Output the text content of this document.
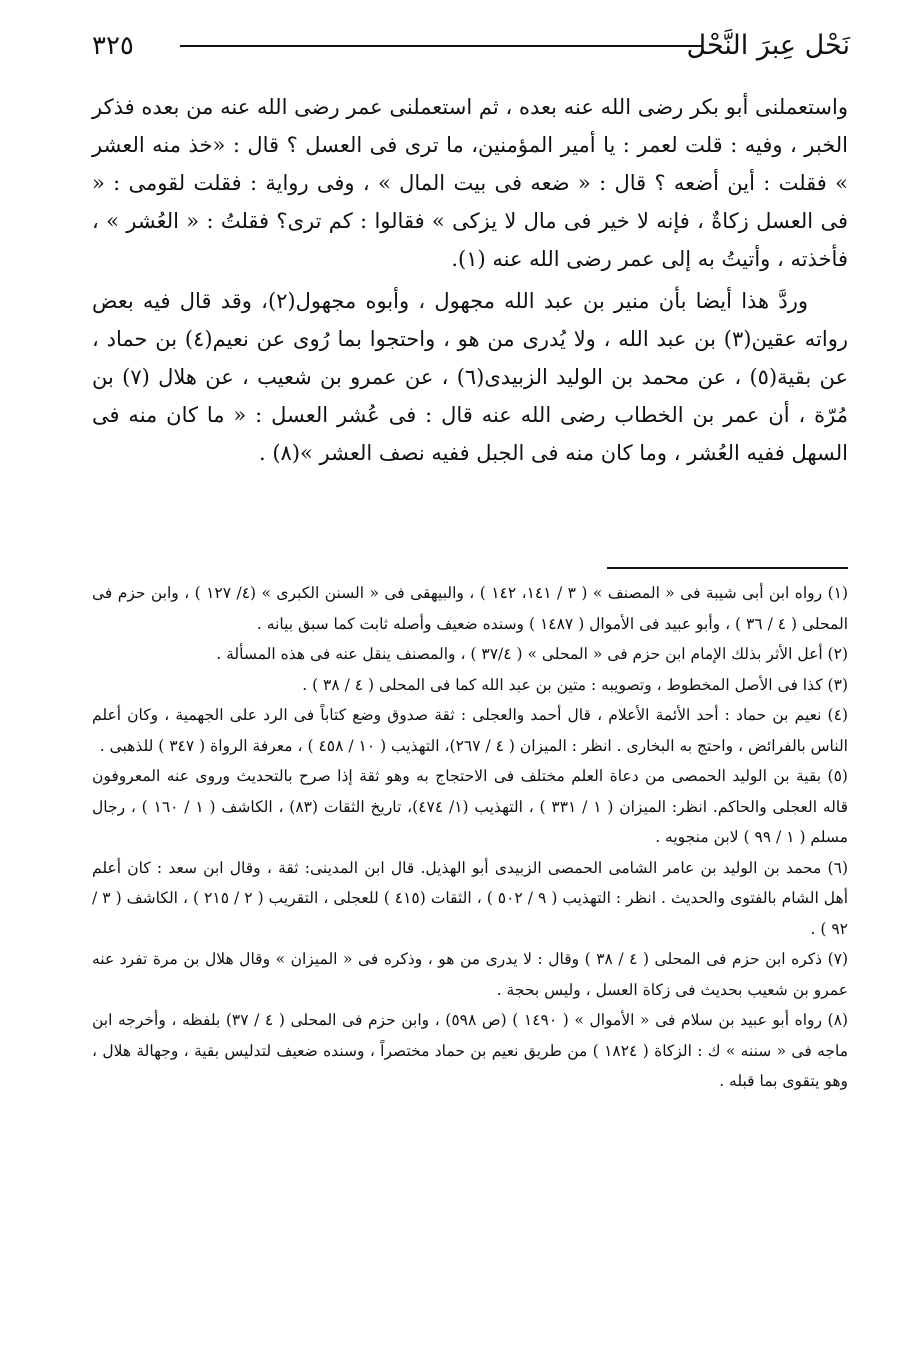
نَحْل عِبرَ النَّحْل
٣٢٥

واستعملنى أبو بكر رضى الله عنه بعده ، ثم استعملنى عمر رضى الله عنه من بعده فذكر الخبر ، وفيه : قلت لعمر : يا أمير المؤمنين، ما ترى فى العسل ؟ قال : «خذ منه العشر » فقلت : أين أضعه ؟ قال : « ضعه فى بيت المال » ، وفى رواية : فقلت لقومى : « فى العسل زكاةٌ ، فإنه لا خير فى مال لا يزكى » فقالوا : كم ترى؟ فقلتُ : « العُشر » ، فأخذته ، وأتيتُ به إلى عمر رضى الله عنه (١).

وردَّ هذا أيضا بأن منير بن عبد الله مجهول ، وأبوه مجهول(٢)، وقد قال فيه بعض رواته عقين(٣) بن عبد الله ، ولا يُدرى من هو ، واحتجوا بما رُوى عن نعيم(٤) بن حماد ، عن بقية(٥) ، عن محمد بن الوليد الزبيدى(٦) ، عن عمرو بن شعيب ، عن هلال (٧) بن مُرّة ، أن عمر بن الخطاب رضى الله عنه قال : فى عُشر العسل : « ما كان منه فى السهل ففيه العُشر ، وما كان منه فى الجبل ففيه نصف العشر »(٨) .

(١) رواه ابن أبى شيبة فى « المصنف » ( ٣ / ١٤١، ١٤٢ ) ، والبيهقى فى « السنن الكبرى » (٤/ ١٢٧ ) ، وابن حزم فى المحلى ( ٤ / ٣٦ ) ، وأبو عبيد فى الأموال ( ١٤٨٧ ) وسنده ضعيف وأصله ثابت كما سبق بيانه .

(٢) أعل الأثر بذلك الإمام ابن حزم فى « المحلى » ( ٣٧/٤ ) ، والمصنف ينقل عنه فى هذه المسألة .

(٣) كذا فى الأصل المخطوط ، وتصويبه : متين بن عبد الله كما فى المحلى ( ٤ / ٣٨ ) .

(٤) نعيم بن حماد : أحد الأئمة الأعلام ، قال أحمد والعجلى : ثقة صدوق وضع كتاباً فى الرد على الجهمية ، وكان أعلم الناس بالفرائض ، واحتج به البخارى . انظر : الميزان ( ٤ / ٢٦٧)، التهذيب ( ١٠ / ٤٥٨ ) ، معرفة الرواة ( ٣٤٧ ) للذهبى .

(٥) بقية بن الوليد الحمصى من دعاة العلم مختلف فى الاحتجاج به وهو ثقة إذا صرح بالتحديث وروى عنه المعروفون قاله العجلى والحاكم. انظر: الميزان ( ١ / ٣٣١ ) ، التهذيب (١/ ٤٧٤)، تاريخ الثقات (٨٣) ، الكاشف ( ١ / ١٦٠ ) ، رجال مسلم ( ١ / ٩٩ ) لابن منجويه .

(٦) محمد بن الوليد بن عامر الشامى الحمصى الزبيدى أبو الهذيل. قال ابن المدينى: ثقة ، وقال ابن سعد : كان أعلم أهل الشام بالفتوى والحديث . انظر : التهذيب ( ٩ / ٥٠٢ ) ، الثقات (٤١٥ ) للعجلى ، التقريب ( ٢ / ٢١٥ ) ، الكاشف ( ٣ / ٩٢ ) .

(٧) ذكره ابن حزم فى المحلى ( ٤ / ٣٨ ) وقال : لا يدرى من هو ، وذكره فى « الميزان » وقال هلال بن مرة تفرد عنه عمرو بن شعيب بحديث فى زكاة العسل ، وليس بحجة .

(٨) رواه أبو عبيد بن سلام فى « الأموال » ( ١٤٩٠ ) (ص ٥٩٨) ، وابن حزم فى المحلى ( ٤ / ٣٧) بلفظه ، وأخرجه ابن ماجه فى « سننه » ك : الزكاة ( ١٨٢٤ ) من طريق نعيم بن حماد مختصراً ، وسنده ضعيف لتدليس بقية ، وجهالة هلال ، وهو يتقوى بما قبله .
